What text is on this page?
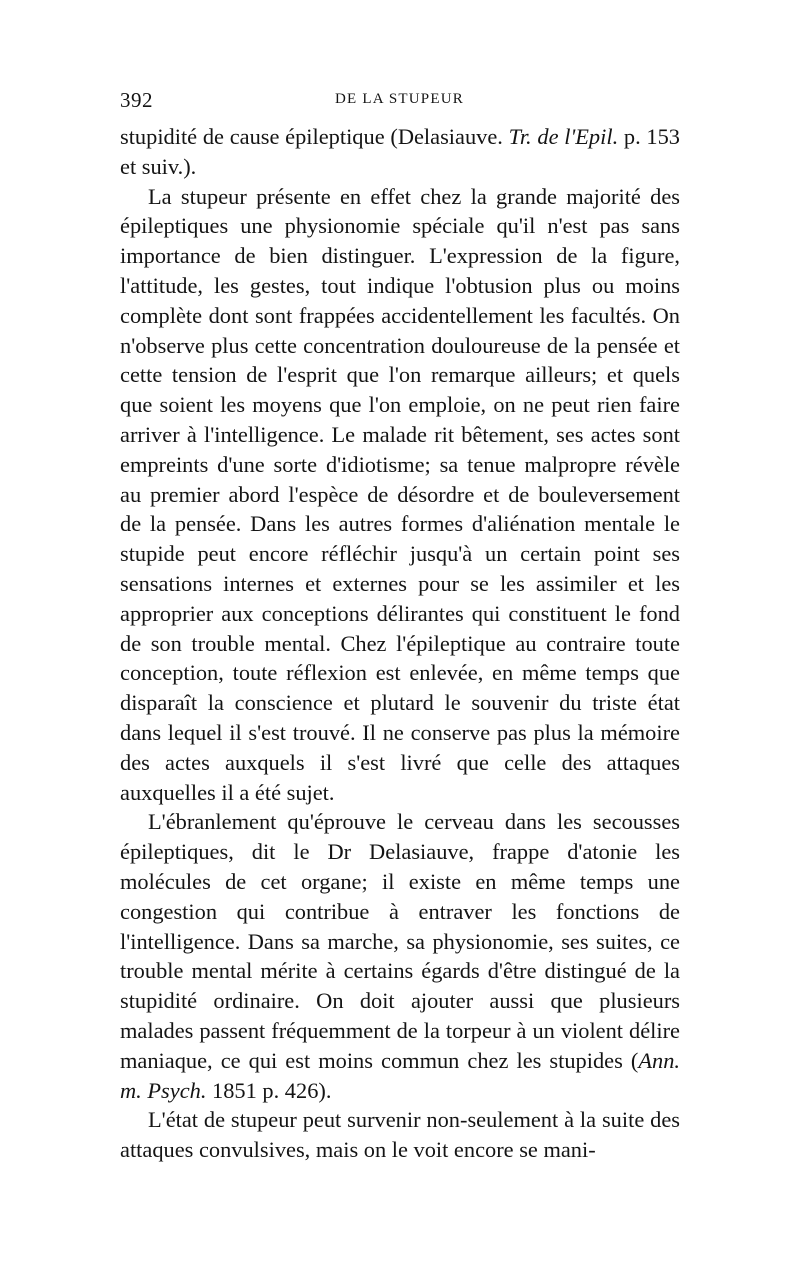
392	DE LA STUPEUR

stupidité de cause épileptique (Delasiauve. Tr. de l'Epil. p. 153 et suiv.).

La stupeur présente en effet chez la grande majorité des épileptiques une physionomie spéciale qu'il n'est pas sans importance de bien distinguer. L'expression de la figure, l'attitude, les gestes, tout indique l'obtusion plus ou moins complète dont sont frappées accidentellement les facultés. On n'observe plus cette concentration douloureuse de la pensée et cette tension de l'esprit que l'on remarque ailleurs; et quels que soient les moyens que l'on emploie, on ne peut rien faire arriver à l'intelligence. Le malade rit bêtement, ses actes sont empreints d'une sorte d'idiotisme; sa tenue malpropre révèle au premier abord l'espèce de désordre et de bouleversement de la pensée. Dans les autres formes d'aliénation mentale le stupide peut encore réfléchir jusqu'à un certain point ses sensations internes et externes pour se les assimiler et les approprier aux conceptions délirantes qui constituent le fond de son trouble mental. Chez l'épileptique au contraire toute conception, toute réflexion est enlevée, en même temps que disparaît la conscience et plutard le souvenir du triste état dans lequel il s'est trouvé. Il ne conserve pas plus la mémoire des actes auxquels il s'est livré que celle des attaques auxquelles il a été sujet.

L'ébranlement qu'éprouve le cerveau dans les secousses épileptiques, dit le Dr Delasiauve, frappe d'atonie les molécules de cet organe; il existe en même temps une congestion qui contribue à entraver les fonctions de l'intelligence. Dans sa marche, sa physionomie, ses suites, ce trouble mental mérite à certains égards d'être distingué de la stupidité ordinaire. On doit ajouter aussi que plusieurs malades passent fréquemment de la torpeur à un violent délire maniaque, ce qui est moins commun chez les stupides (Ann. m. Psych. 1851 p. 426).

L'état de stupeur peut survenir non-seulement à la suite des attaques convulsives, mais on le voit encore se mani-
